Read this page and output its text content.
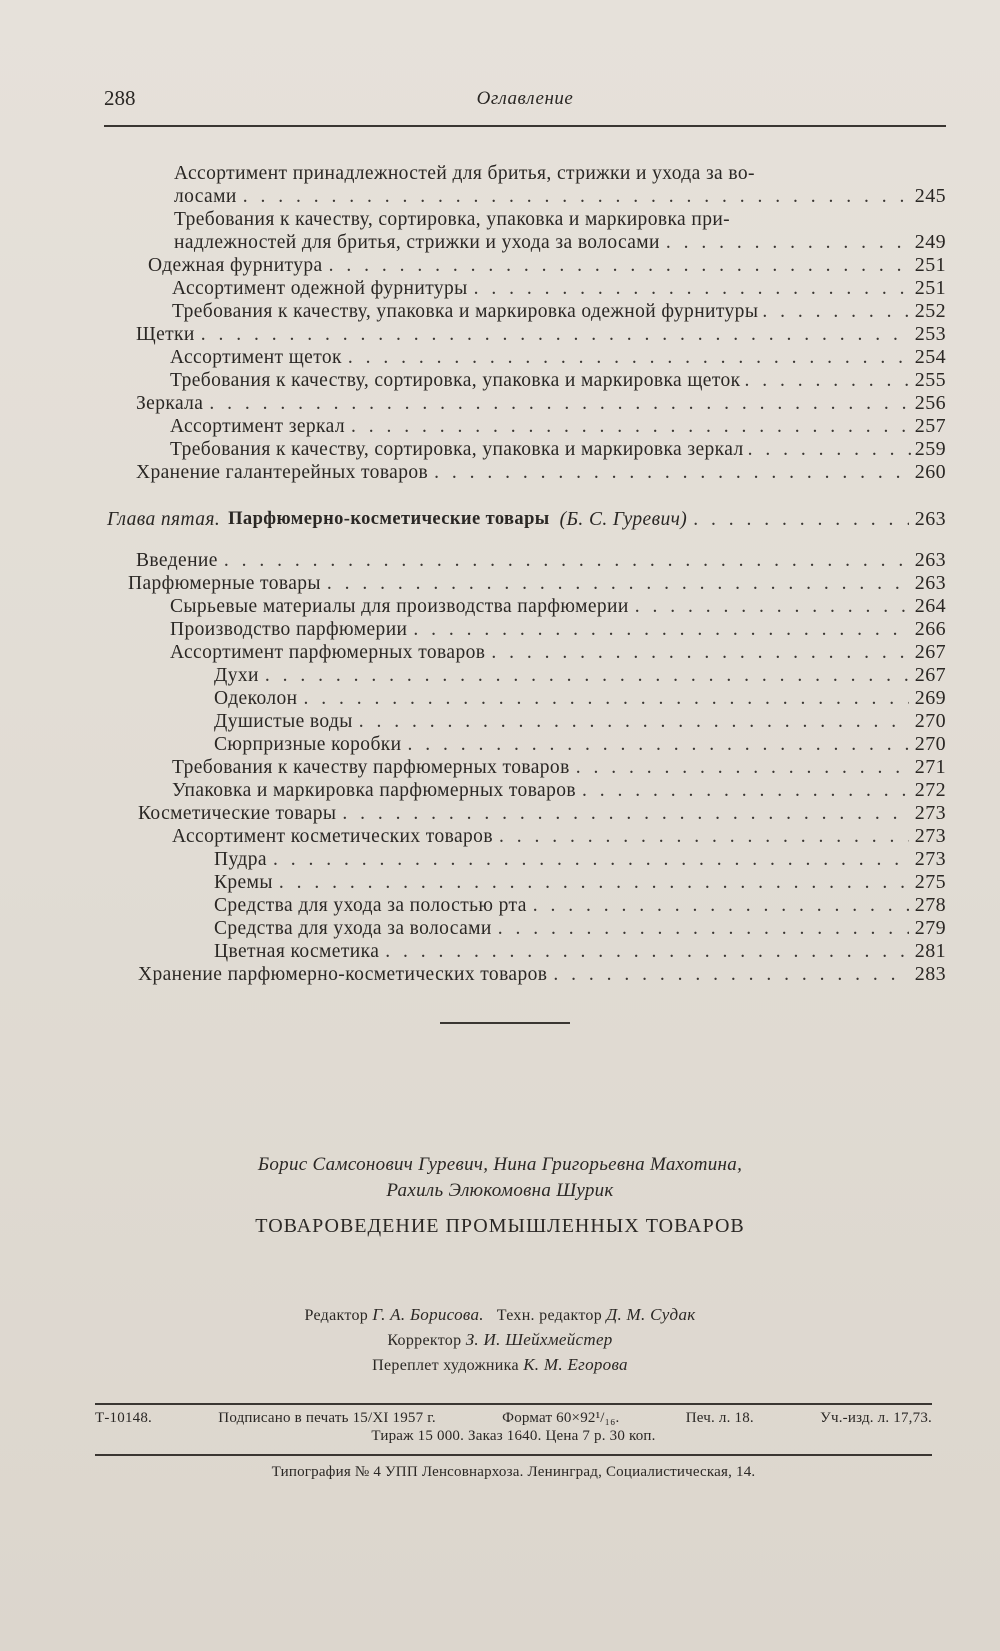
288	Оглавление
Ассортимент принадлежностей для бритья, стрижки и ухода за во-
лосами . . .	245
Требования к качеству, сортировка, упаковка и маркировка при-
надлежностей для бритья, стрижки и ухода за волосами . . .	249
Одежная фурнитура . . .	251
Ассортимент одежной фурнитуры . . .	251
Требования к качеству, упаковка и маркировка одежной фурнитуры . . .	252
Щетки . . .	253
Ассортимент щеток . . .	254
Требования к качеству, сортировка, упаковка и маркировка щеток . . .	255
Зеркала . . .	256
Ассортимент зеркал . . .	257
Требования к качеству, сортировка, упаковка и маркировка зеркал . . .	259
Хранение галантерейных товаров . . .	260
Глава пятая. Парфюмерно-косметические товары (Б. С. Гуревич) . . .	263
Введение . . .	263
Парфюмерные товары . . .	263
Сырьевые материалы для производства парфюмерии . . .	264
Производство парфюмерии . . .	266
Ассортимент парфюмерных товаров . . .	267
Духи . . .	267
Одеколон . . .	269
Душистые воды . . .	270
Сюрпризные коробки . . .	270
Требования к качеству парфюмерных товаров . . .	271
Упаковка и маркировка парфюмерных товаров . . .	272
Косметические товары . . .	273
Ассортимент косметических товаров . . .	273
Пудра . . .	273
Кремы . . .	275
Средства для ухода за полостью рта . . .	278
Средства для ухода за волосами . . .	279
Цветная косметика . . .	281
Хранение парфюмерно-косметических товаров . . .	283
Борис Самсонович Гуревич, Нина Григорьевна Махотина,
Рахиль Элюкомовна Шурик
ТОВАРОВЕДЕНИЕ ПРОМЫШЛЕННЫХ ТОВАРОВ
Редактор Г. А. Борисова. Техн. редактор Д. М. Судак
Корректор З. И. Шейхмейстер
Переплет художника К. М. Егорова
Т-10148.	Подписано в печать 15/XI 1957 г.	Формат 60×92¹/₁₆.	Печ. л. 18.	Уч.-изд. л. 17,73.
Тираж 15 000. Заказ 1640. Цена 7 р. 30 коп.
Типография № 4 УПП Ленсовнархоза. Ленинград, Социалистическая, 14.
